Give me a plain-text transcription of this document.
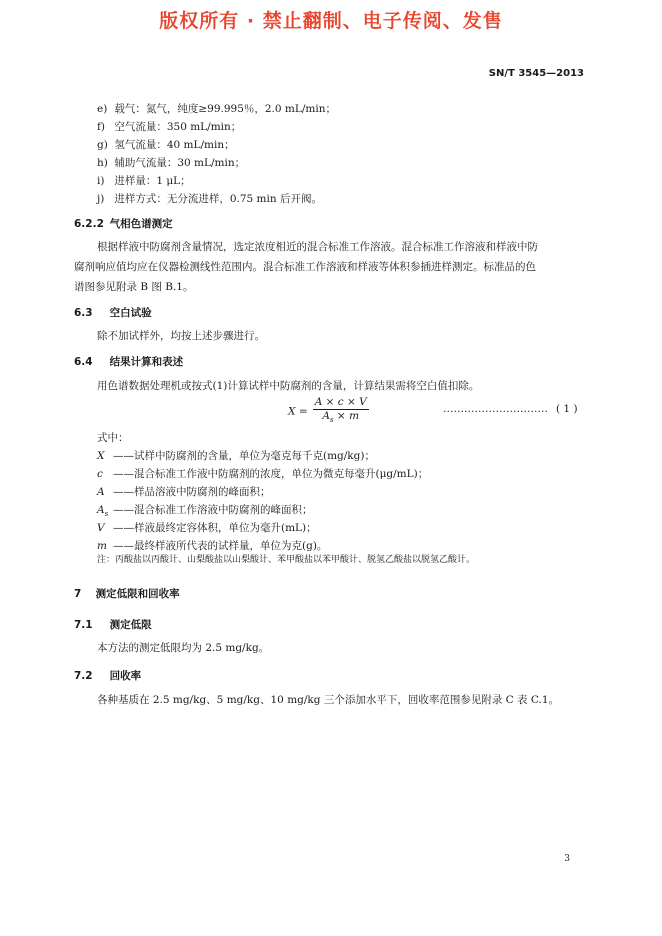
版权所有 · 禁止翻制、电子传阅、发售
SN/T 3545—2013
e) 载气：氮气，纯度≥99.995％，2.0 mL/min；
f) 空气流量：350 mL/min；
g) 氢气流量：40 mL/min；
h) 辅助气流量：30 mL/min；
i) 进样量：1 μL；
j) 进样方式：无分流进样，0.75 min 后开阀。
6.2.2 气相色谱测定
根据样液中防腐剂含量情况，选定浓度相近的混合标准工作溶液。混合标准工作溶液和样液中防
腐剂响应值均应在仪器检测线性范围内。混合标准工作溶液和样液等体积参插进样测定。标准品的色
谱图参见附录 B 图 B.1。
6.3 空白试验
除不加试样外，均按上述步骤进行。
6.4 结果计算和表述
用色谱数据处理机或按式(1)计算试样中防腐剂的含量，计算结果需将空白值扣除。
$X = \frac{A \times c \times V}{A_s \times m}$	………………………… ( 1 )
式中：
X ——试样中防腐剂的含量，单位为毫克每千克(mg/kg)；
c ——混合标准工作液中防腐剂的浓度，单位为微克每毫升(μg/mL)；
A ——样品溶液中防腐剂的峰面积；
$A_s$ ——混合标准工作溶液中防腐剂的峰面积；
V ——样液最终定容体积，单位为毫升(mL)；
m ——最终样液所代表的试样量，单位为克(g)。
注：丙酸盐以丙酸计、山梨酸盐以山梨酸计、苯甲酸盐以苯甲酸计、脱氢乙酸盐以脱氢乙酸计。
7 测定低限和回收率
7.1 测定低限
本方法的测定低限均为 2.5 mg/kg。
7.2 回收率
各种基质在 2.5 mg/kg、5 mg/kg、10 mg/kg 三个添加水平下，回收率范围参见附录 C 表 C.1。
3
